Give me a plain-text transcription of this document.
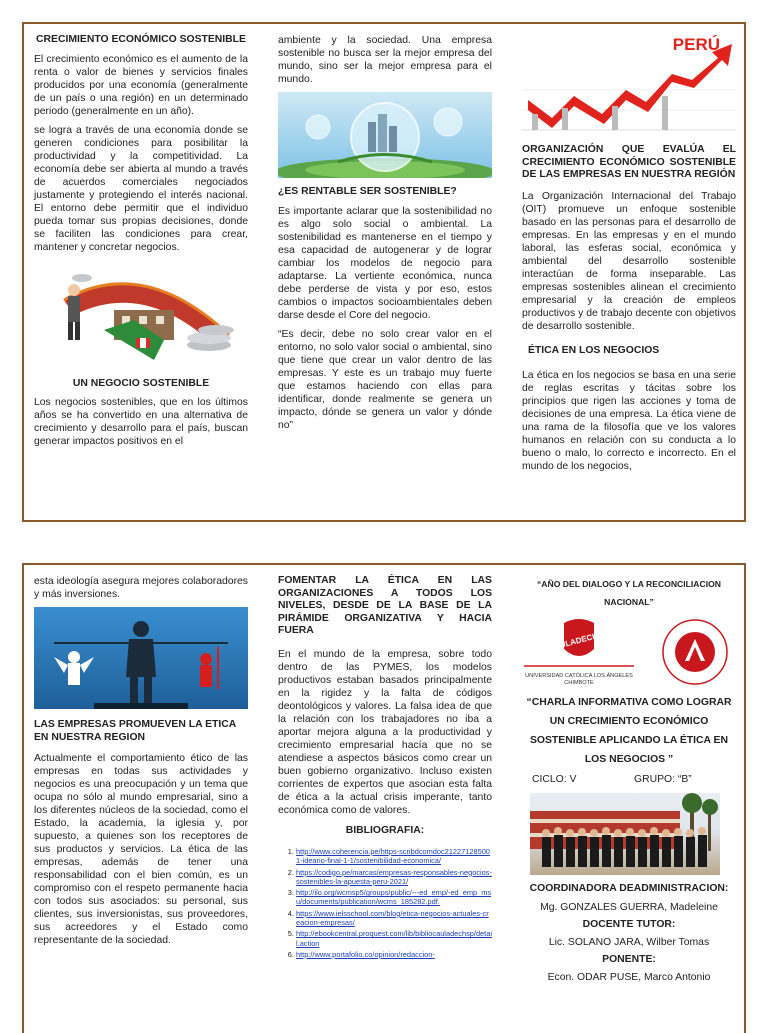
CRECIMIENTO ECONÓMICO SOSTENIBLE

El crecimiento económico es el aumento de la renta o valor de bienes y servicios finales producidos por una economía (generalmente de un país o una región) en un determinado periodo (generalmente en un año).

se logra a través de una economía donde se generen condiciones para posibilitar la productividad y la competitividad. La economía debe ser abierta al mundo a través de acuerdos comerciales negociados justamente y protegiendo el interés nacional. El entorno debe permitir que el individuo pueda tomar sus propias decisiones, donde se faciliten las condiciones para crear, mantener y concretar negocios.

UN NEGOCIO SOSTENIBLE

Los negocios sostenibles, que en los últimos años se ha convertido en una alternativa de crecimiento y desarrollo para el país, buscan generar impactos positivos en el

ambiente y la sociedad. Una empresa sostenible no busca ser la mejor empresa del mundo, sino ser la mejor empresa para el mundo.

¿ES RENTABLE SER SOSTENIBLE?

Es importante aclarar que la sostenibilidad no es algo solo social o ambiental. La sostenibilidad es mantenerse en el tiempo y esa capacidad de autogenerar y de lograr cambiar los modelos de negocio para adaptarse. La vertiente económica, nunca debe perderse de vista y por eso, estos cambios o impactos socioambientales deben darse desde el Core del negocio.

“Es decir, debe no solo crear valor en el entorno, no solo valor social o ambiental, sino que tiene que crear un valor dentro de las empresas. Y este es un trabajo muy fuerte que estamos haciendo con ellas para identificar, donde realmente se genera un impacto, dónde se genera un valor y dónde no”

PERÚ
ORGANIZACIÓN QUE EVALÚA EL CRECIMIENTO ECONÓMICO SOSTENIBLE DE LAS EMPRESAS EN NUESTRA REGIÓN

La Organización Internacional del Trabajo (OIT) promueve un enfoque sostenible basado en las personas para el desarrollo de empresas. En las empresas y en el mundo laboral, las esferas social, económica y ambiental del desarrollo sostenible interactúan de forma inseparable. Las empresas sostenibles alinean el crecimiento empresarial y la creación de empleos productivos y de trabajo decente con objetivos de desarrollo sostenible.

ÉTICA EN LOS NEGOCIOS

La ética en los negocios se basa en una serie de reglas escritas y tácitas sobre los principios que rigen las acciones y toma de decisiones de una empresa. La ética viene de una rama de la filosofía que ve los valores humanos en relación con su conducta a lo bueno o malo, lo correcto e incorrecto. En el mundo de los negocios,

esta ideología asegura mejores colaboradores y más inversiones.

LAS EMPRESAS PROMUEVEN LA ETICA EN NUESTRA REGION

Actualmente el comportamiento ético de las empresas en todas sus actividades y negocios es una preocupación y un tema que ocupa no sólo al mundo empresarial, sino a los diferentes núcleos de la sociedad, como el Estado, la academia, la iglesia y, por supuesto, a quienes son los receptores de sus productos y servicios. La ética de las empresas, además de tener una responsabilidad con el bien común, es un compromiso con el respeto permanente hacia con todos sus asociados: su personal, sus clientes, sus inversionistas, sus proveedores, sus acreedores y el Estado como representante de la sociedad.

FOMENTAR LA ÉTICA EN LAS ORGANIZACIONES A TODOS LOS NIVELES, DESDE DE LA BASE DE LA PIRÁMIDE ORGANIZATIVA Y HACIA FUERA

En el mundo de la empresa, sobre todo dentro de las PYMES, los modelos productivos estaban basados principalmente en la rigidez y la falta de códigos deontológicos y valores. La falsa idea de que la relación con los trabajadores no iba a aportar mejora alguna a la productividad y crecimiento empresarial hacía que no se atendiese a aspectos básicos como crear un buen gobierno organizativo. Incluso existen corrientes de expertos que asocian esta falta de ética a la actual crisis imperante, tanto económica como de valores.

BIBLIOGRAFIA:
1. http://www.coherencia.pe/https-scribdcomdoc212271285001-ideario-final-1-1/sostenibilidad-economica/
2. https://codigo.pe/marcas/empresas-responsables-negocios-sostenibles-la-apuesta-peru-2021/
3. http://ilo.org/wcmsp5/groups/public/---ed_emp/-ed_emp_msu/documents/publication/wcms_185282.pdf.
4. https://www.ielsschool.com/blog/etica-negocios-actuales-creacion-empresas/
5. http://ebookcentral.proquest.com/lib/bibliocauladechsp/detail.action
6. http://www.portafolio.co/opinion/redaccion-
“AÑO DEL DIALOGO Y LA RECONCILIACION
NACIONAL”
ULADECH
UNIVERSIDAD CATÓLICA LOS ÁNGELES
CHIMBOTE
“CHARLA INFORMATIVA COMO LOGRAR UN CRECIMIENTO ECONÓMICO SOSTENIBLE APLICANDO LA ÉTICA EN LOS NEGOCIOS ”
CICLO: V	GRUPO: “B”
COORDINADORA DEADMINISTRACION:
Mg. GONZALES GUERRA, Madeleine
DOCENTE TUTOR:
Lic. SOLANO JARA, Wilber Tomas
PONENTE:
Econ. ODAR PUSE, Marco Antonio
